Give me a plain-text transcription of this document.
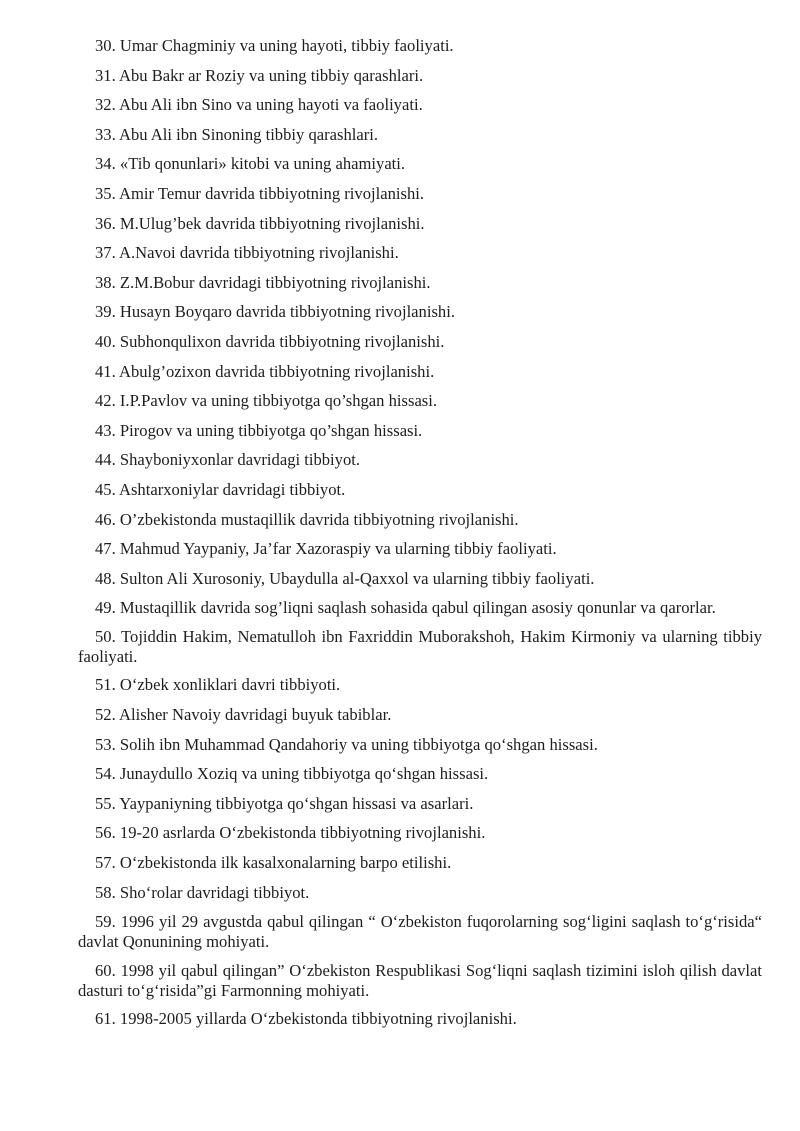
30. Umar Chagminiy va uning hayoti, tibbiy faoliyati.

31. Abu Bakr ar Roziy va uning tibbiy qarashlari.

32. Abu Ali ibn Sino va uning hayoti va faoliyati.

33. Abu Ali ibn Sinoning tibbiy qarashlari.

34. «Tib qonunlari» kitobi va uning ahamiyati.

35. Amir Temur davrida tibbiyotning rivojlanishi.

36. M.Ulug’bek davrida tibbiyotning rivojlanishi.

37. A.Navoi davrida tibbiyotning rivojlanishi.

38. Z.M.Bobur davridagi tibbiyotning rivojlanishi.

39. Husayn Boyqaro davrida tibbiyotning rivojlanishi.

40. Subhonqulixon davrida tibbiyotning rivojlanishi.

41. Abulg’ozixon davrida tibbiyotning rivojlanishi.

42. I.P.Pavlov va uning tibbiyotga qo’shgan hissasi.

43. Pirogov va uning tibbiyotga qo’shgan hissasi.

44. Shayboniyxonlar davridagi tibbiyot.

45. Ashtarxoniylar davridagi tibbiyot.

46. O’zbekistonda mustaqillik davrida tibbiyotning rivojlanishi.

47. Mahmud Yaypaniy, Ja’far Xazoraspiy va ularning tibbiy faoliyati.

48. Sulton Ali Xurosoniy, Ubaydulla al-Qaxxol va ularning tibbiy faoliyati.

49. Mustaqillik davrida sog’liqni saqlash sohasida qabul qilingan asosiy qonunlar va qarorlar.

50. Tojiddin Hakim, Nematulloh ibn Faxriddin Muborakshoh, Hakim Kirmoniy va ularning tibbiy faoliyati.

51. O‘zbek xonliklari davri tibbiyoti.

52. Alisher Navoiy davridagi buyuk tabiblar.

53. Solih ibn Muhammad Qandahoriy va uning tibbiyotga qo‘shgan hissasi.

54. Junaydullo Xoziq va uning tibbiyotga qo‘shgan hissasi.

55. Yaypaniyning tibbiyotga qo‘shgan hissasi va asarlari.

56. 19-20 asrlarda O‘zbekistonda tibbiyotning rivojlanishi.

57. O‘zbekistonda ilk kasalxonalarning barpo etilishi.

58. Sho‘rolar davridagi tibbiyot.

59. 1996 yil 29 avgustda qabul qilingan “ O‘zbekiston fuqorolarning sog‘ligini saqlash to‘g‘risida“ davlat Qonunining mohiyati.

60. 1998 yil qabul qilingan” O‘zbekiston Respublikasi Sog‘liqni saqlash tizimini isloh qilish davlat dasturi to‘g‘risida”gi Farmonning mohiyati.

61. 1998-2005 yillarda O‘zbekistonda tibbiyotning rivojlanishi.
